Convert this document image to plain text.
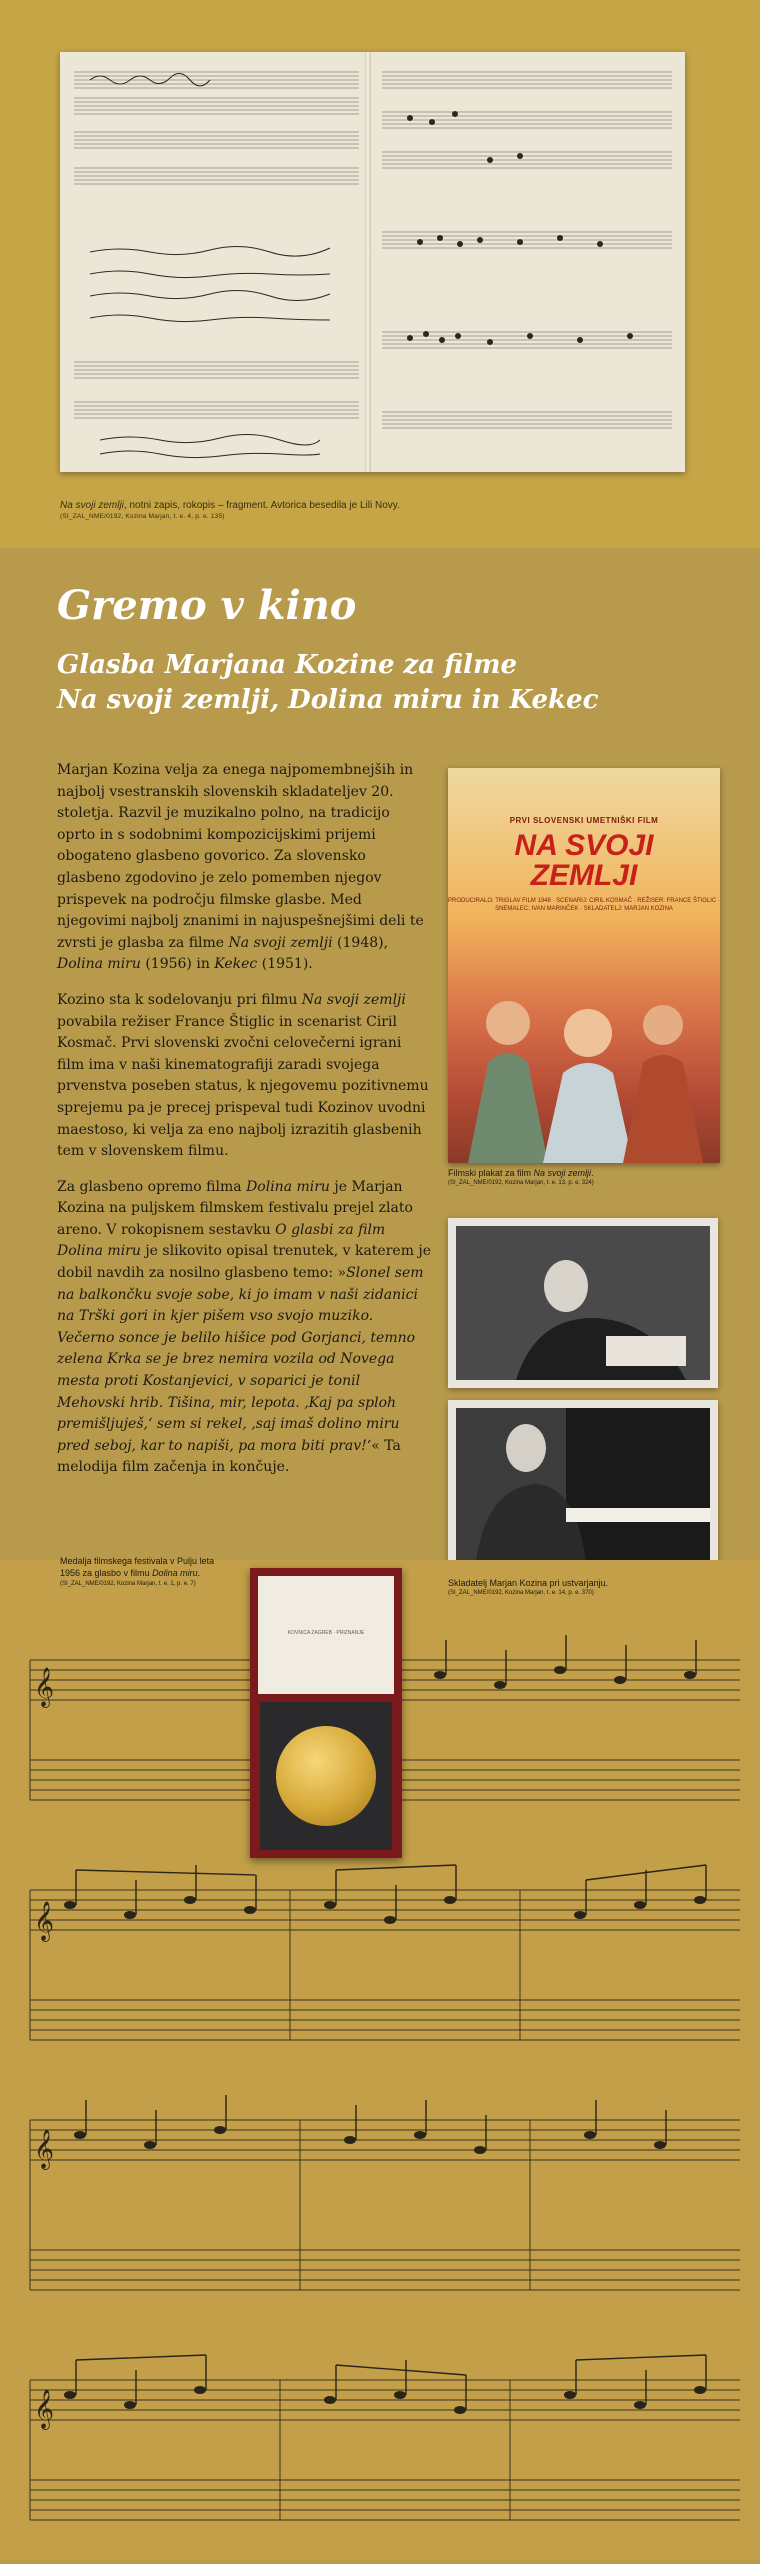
Na svoji zemlji, notni zapis, rokopis – fragment. Avtorica besedila je Lili Novy.
(SI_ZAL_NME/0192, Kozina Marjan, t. e. 4, p. e. 135)
Gremo v kino
Glasba Marjana Kozine za filme
Na svoji zemlji, Dolina miru in Kekec

Marjan Kozina velja za enega najpomembnejših in najbolj vsestranskih slovenskih skladateljev 20. stoletja. Razvil je muzikalno polno, na tradicijo oprto in s sodobnimi kompozicijskimi prijemi obogateno glasbeno govorico. Za slovensko glasbeno zgodovino je zelo pomemben njegov prispevek na področju filmske glasbe. Med njegovimi najbolj znanimi in najuspešnejšimi deli te zvrsti je glasba za filme Na svoji zemlji (1948), Dolina miru (1956) in Kekec (1951).

Kozino sta k sodelovanju pri filmu Na svoji zemlji povabila režiser France Štiglic in scenarist Ciril Kosmač. Prvi slovenski zvočni celovečerni igrani film ima v naši kinematografiji zaradi svojega prvenstva poseben status, k njegovemu pozitivnemu sprejemu pa je precej prispeval tudi Kozinov uvodni maestoso, ki velja za eno najbolj izrazitih glasbenih tem v slovenskem filmu.

Za glasbeno opremo filma Dolina miru je Marjan Kozina na puljskem filmskem festivalu prejel zlato areno. V rokopisnem sestavku O glasbi za film Dolina miru je slikovito opisal trenutek, v katerem je dobil navdih za nosilno glasbeno temo: »Slonel sem na balkončku svoje sobe, ki jo imam v naši zidanici na Trški gori in kjer pišem vso svojo muziko. Večerno sonce je belilo hišice pod Gorjanci, temno zelena Krka se je brez nemira vozila od Novega mesta proti Kostanjevici, v soparici je tonil Mehovski hrib. Tišina, mir, lepota. ‚Kaj pa sploh premišljuješ,‘ sem si rekel, ‚saj imaš dolino miru pred seboj, kar to napiši, pa mora biti prav!‘« Ta melodija film začenja in končuje.

PRVI SLOVENSKI UMETNIŠKI FILM
NA SVOJI
ZEMLJI
PRODUCIRALO: TRIGLAV FILM 1948 · SCENARIJ: CIRIL KOSMAČ · REŽISER: FRANCE ŠTIGLIC · SNEMALEC: IVAN MARINČEK · SKLADATELJ: MARJAN KOZINA
Filmski plakat za film Na svoji zemlji.
(SI_ZAL_NME/0192, Kozina Marjan, t. e. 13, p. e. 324)
𝄞
𝄞
𝄞
𝄞
Medalja filmskega festivala v Pulju leta 1956 za glasbo v filmu Dolina miru.
(SI_ZAL_NME/0192, Kozina Marjan, t. e. 1, p. e. 7)
KOVNICA ZAGREB · PRIZNANJE
Skladatelj Marjan Kozina pri ustvarjanju.
(SI_ZAL_NME/0192, Kozina Marjan, t. e. 14, p. e. 370)
